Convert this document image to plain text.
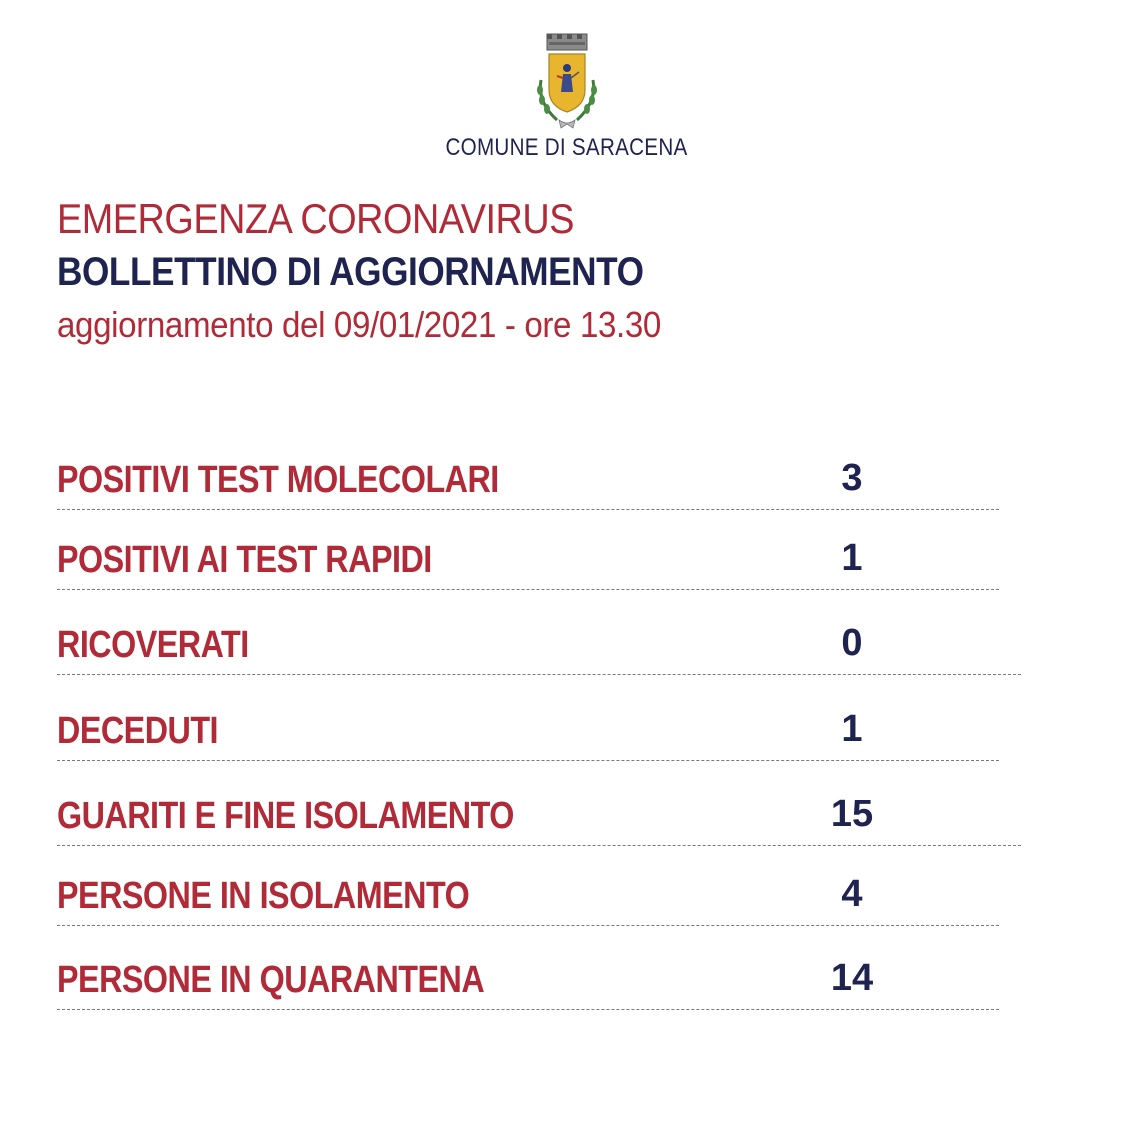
COMUNE DI SARACENA
EMERGENZA CORONAVIRUS
BOLLETTINO DI AGGIORNAMENTO
aggiornamento del 09/01/2021 - ore 13.30
POSITIVI TEST MOLECOLARI	3
POSITIVI AI TEST RAPIDI	1
RICOVERATI	0
DECEDUTI	1
GUARITI E FINE ISOLAMENTO	15
PERSONE IN ISOLAMENTO	4
PERSONE IN QUARANTENA	14
